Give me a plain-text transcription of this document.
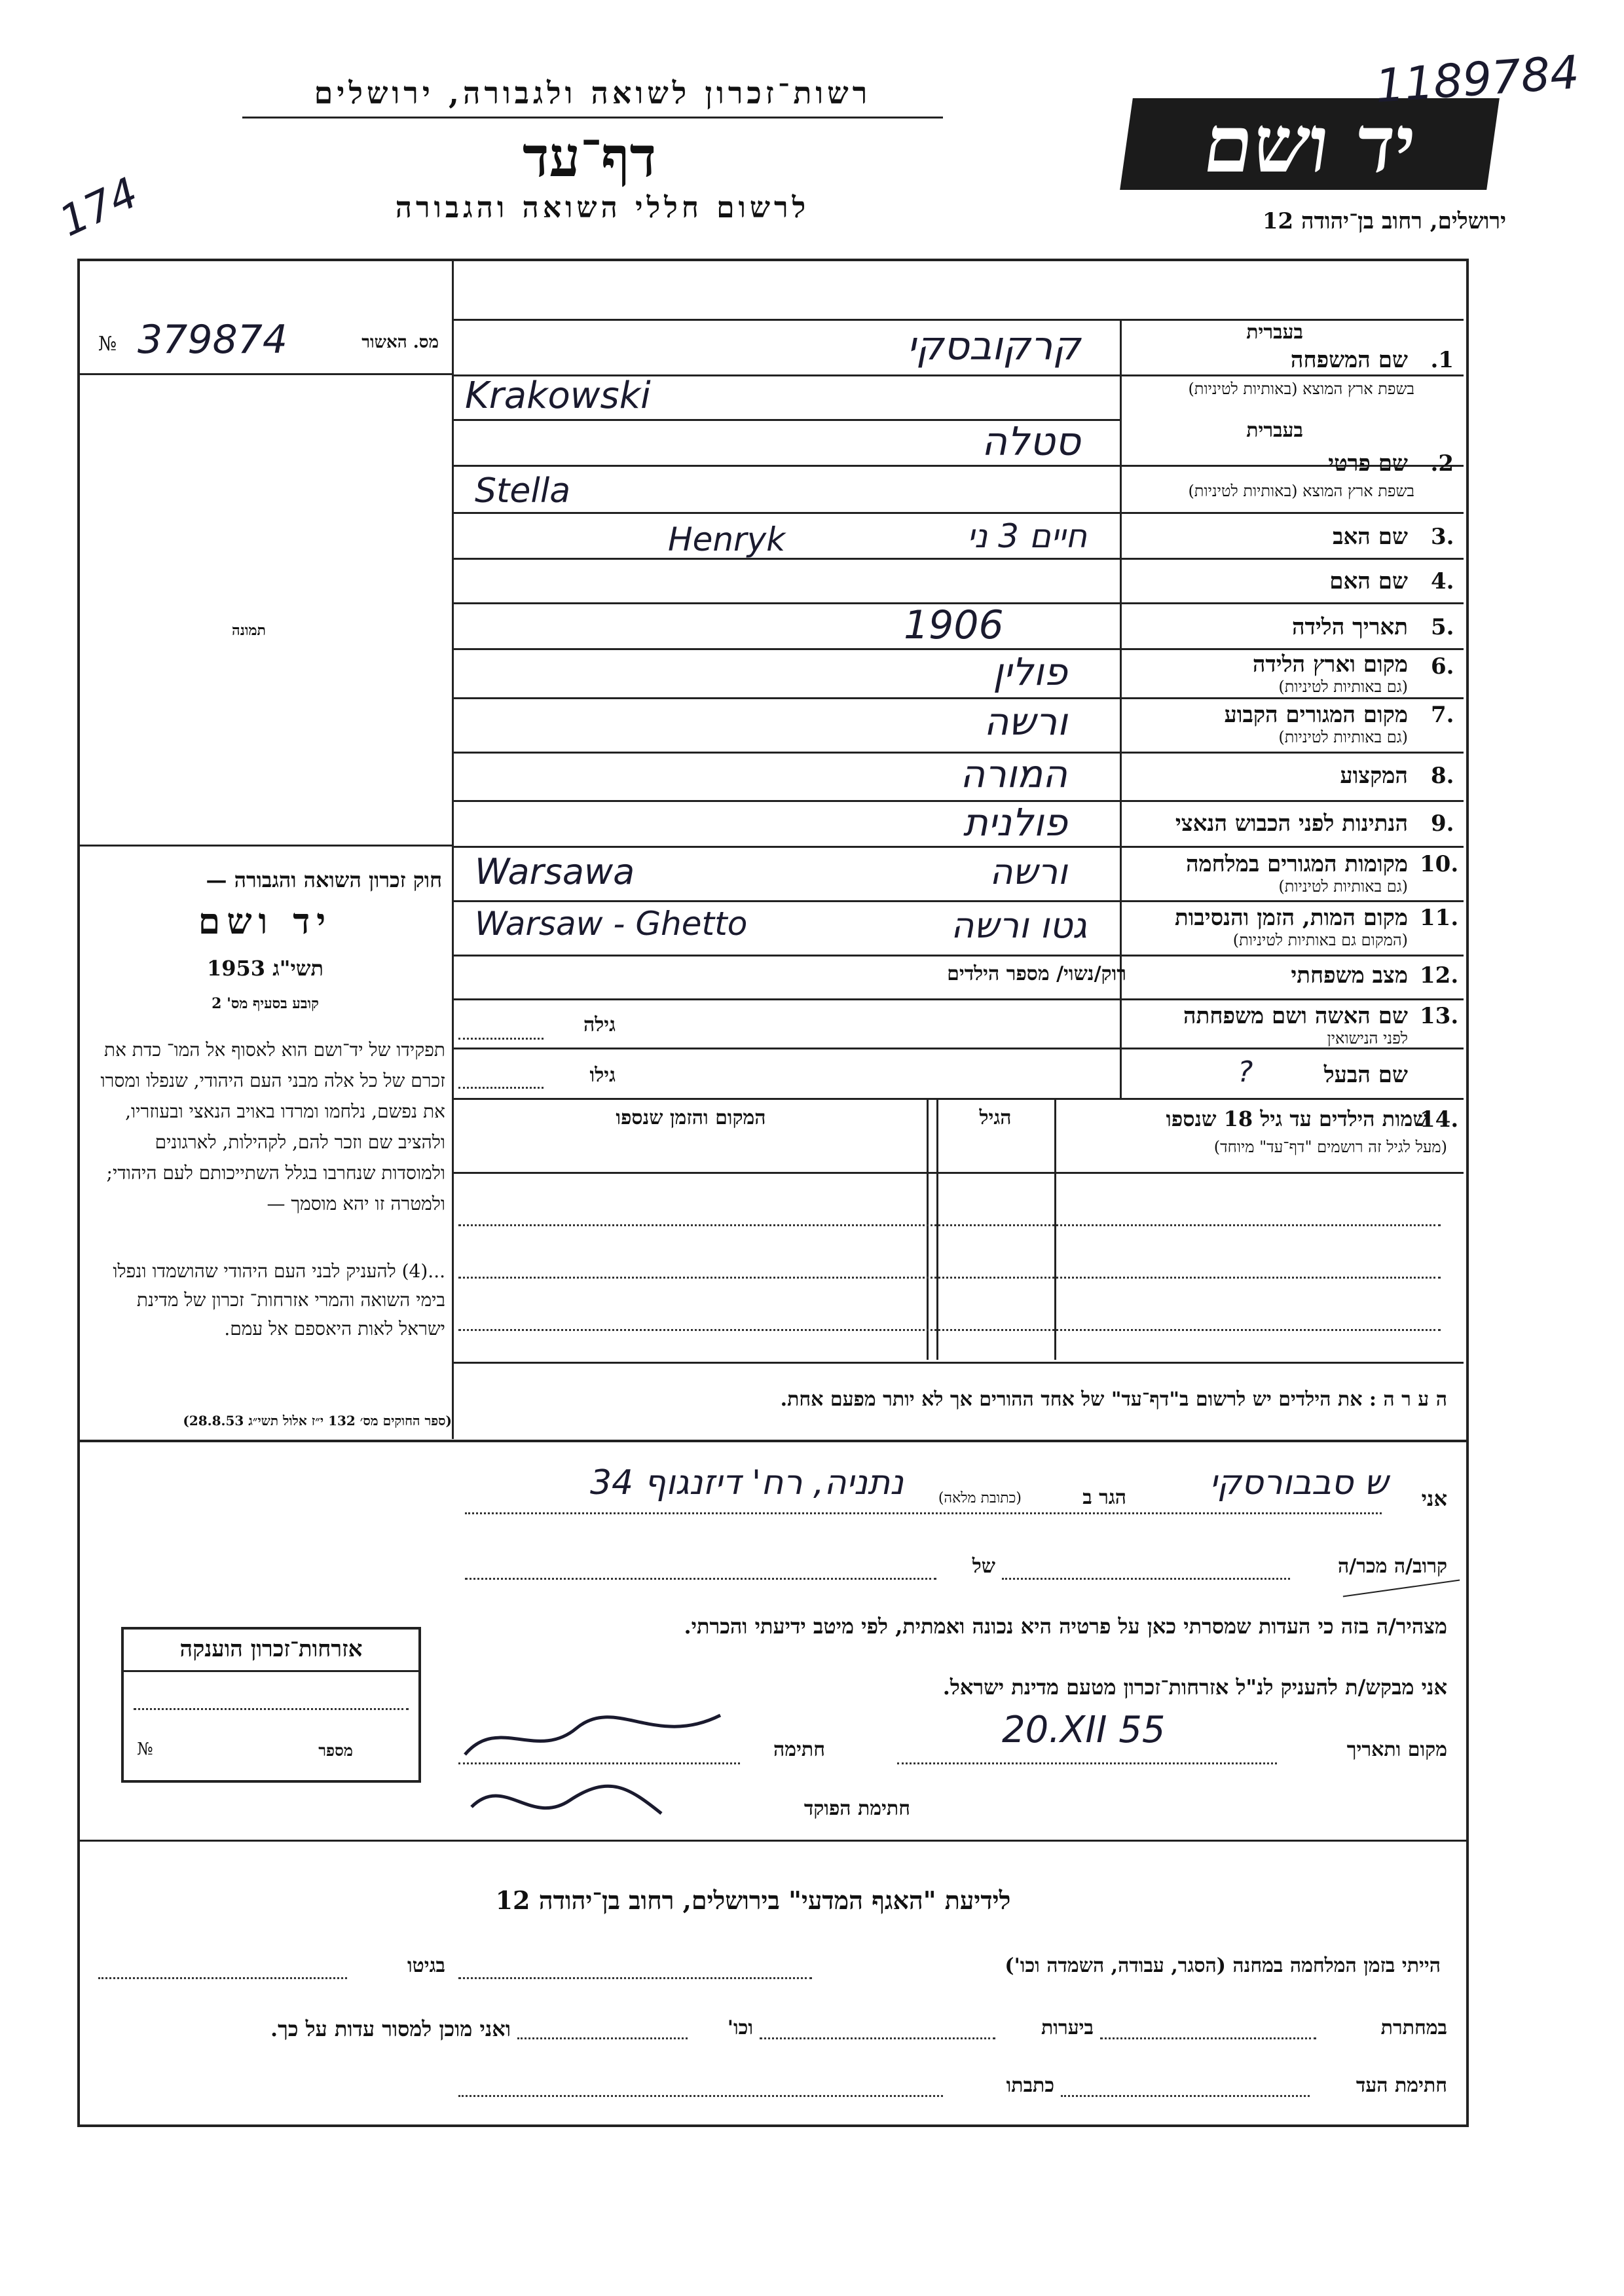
רשות־זכרון לשואה ולגבורה, ירושלים
דף־עד
לרשום חללי השואה והגבורה
יד ושם
ירושלים, רחוב בן־יהודה 12
1189784
174
№ 379874	מס. האשור
תמונה
חוק זכרון השואה והגבורה —
יד ושם
תשי"ג 1953
קובע בסעיף מס' 2
תפקידו של יד־ושם הוא לאסוף אל המו־ כדת את זכרם של כל אלה מבני העם היהודי, שנפלו ומסרו את נפשם, נלחמו ומרדו באויב הנאצי ובעוזריו, ולהציב שם וזכר להם, לקהילות, לארגונים ולמוסדות שנחרבו בגלל השתייכותם לעם היהודי; ולמטרה זו יהא מוסמך —
...(4) להעניק לבני העם היהודי שהושמדו ונפלו בימי השואה והמרי אזרחות־ זכרון של מדינת ישראל לאות היאספם אל עמם.
(ספר החוקים מס׳ 132 י״ז אלול תשי״ג 28.8.53)
בעברית
שם המשפחה 1.
בשפת ארץ המוצא (באותיות לטיניות)
קרקובסקי
Krakowski
בעברית
שם פרטי 2.
בשפת ארץ המוצא (באותיות לטיניות)
סטלה
Stella
שם האב 3.
חיים 3 ני
Henryk
שם האם 4.
תאריך הלידה 5.
1906
מקום וארץ הלידה 6.
(גם באותיות לטיניות)
פולין
מקום המגורים הקבוע 7.
(גם באותיות לטיניות)
ורשה
המקצוע 8.
המורה
הנתינות לפני הכבוש הנאצי 9.
פולנית
מקומות המגורים במלחמה 10.
(גם באותיות לטיניות)
ורשה
Warsawa
מקום המות, הזמן והנסיבות 11.
(המקום גם באותיות לטיניות)
גטו ורשה
Warsaw - Ghetto
מצב משפחתי 12.
רוק/נשוי/ מספר הילדים
שם האשה ושם משפחתה 13.
לפני הנישואין
גילה
שם הבעל
?
גילו
שמות הילדים עד גיל 18 שנספו
14.
(מעל לגיל זה רושמים "דף־עד" מיוחד)
הגיל
המקום והזמן שנספו
ה ע ר ה : את הילדים יש לרשום ב"דף־עד" של אחד ההורים אך לא יותר מפעם אחת.
אני
ש סבבורסקי
הגר ב
(כתובת מלאה)
נתניה, רח' דיזנגוף 34
קרוב/ה מכר/ה
של
מצהיר/ה בזה כי העדות שמסרתי כאן על פרטיה היא נכונה ואמתית, לפי מיטב ידיעתי והכרתי.
אני מבקש/ת להעניק לנ"ל אזרחות־זכרון מטעם מדינת ישראל.
מקום ותאריך
20.XII 55
חתימה
חתימת הפוקד
אזרחות־זכרון הוענקה
מספר
№
לידיעת "האגף המדעי" בירושלים, רחוב בן־יהודה 12
הייתי בזמן המלחמה במחנה (הסגר, עבודה, השמדה וכו')
בגיטו
במחתרת
ביערות
וכו'
ואני מוכן למסור עדות על כך.
חתימת העד
כתבתו
